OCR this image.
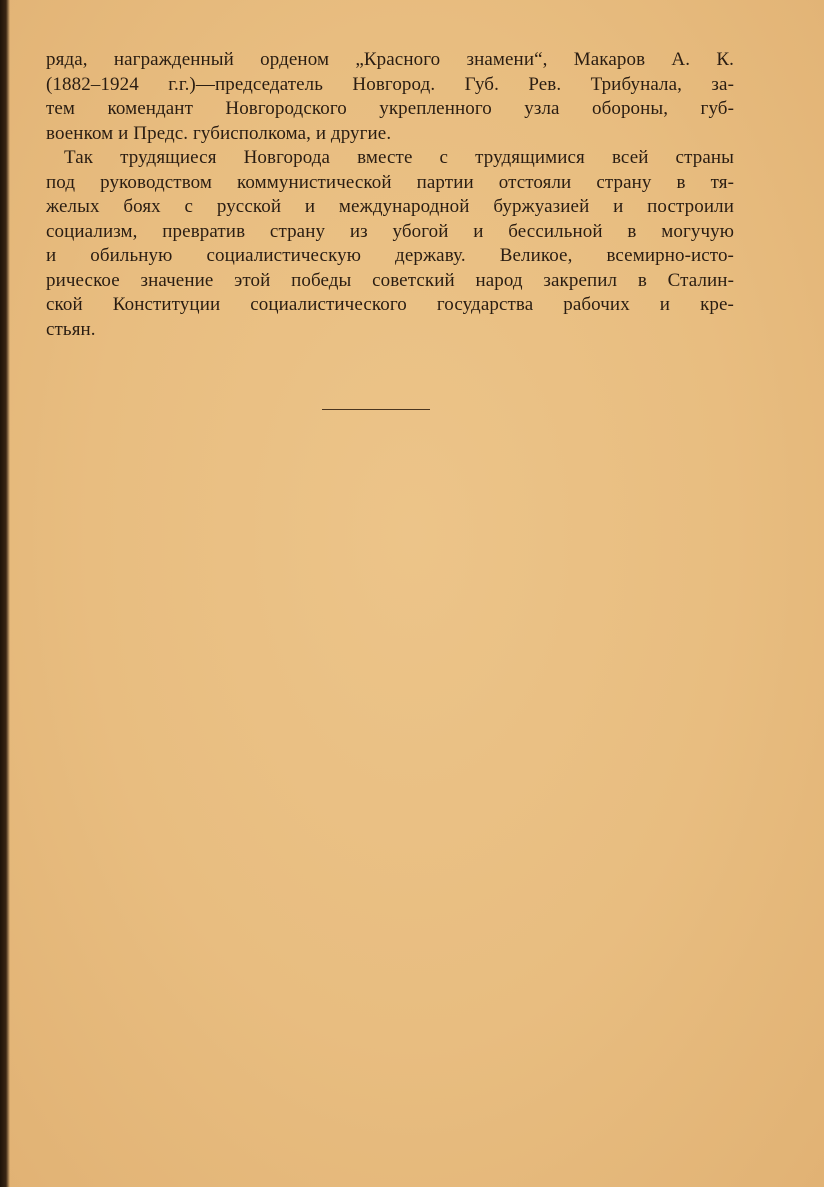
ряда, награжденный орденом „Красного знамени“, Макаров А. К.
(1882–1924 г.г.)—председатель Новгород. Губ. Рев. Трибунала, за-
тем комендант Новгородского укрепленного узла обороны, губ-
военком и Предс. губисполкома, и другие.

Так трудящиеся Новгорода вместе с трудящимися всей страны
под руководством коммунистической партии отстояли страну в тя-
желых боях с русской и международной буржуазией и построили
социализм, превратив страну из убогой и бессильной в могучую
и обильную социалистическую державу. Великое, всемирно-исто-
рическое значение этой победы советский народ закрепил в Сталин-
ской Конституции социалистического государства рабочих и кре-
стьян.
